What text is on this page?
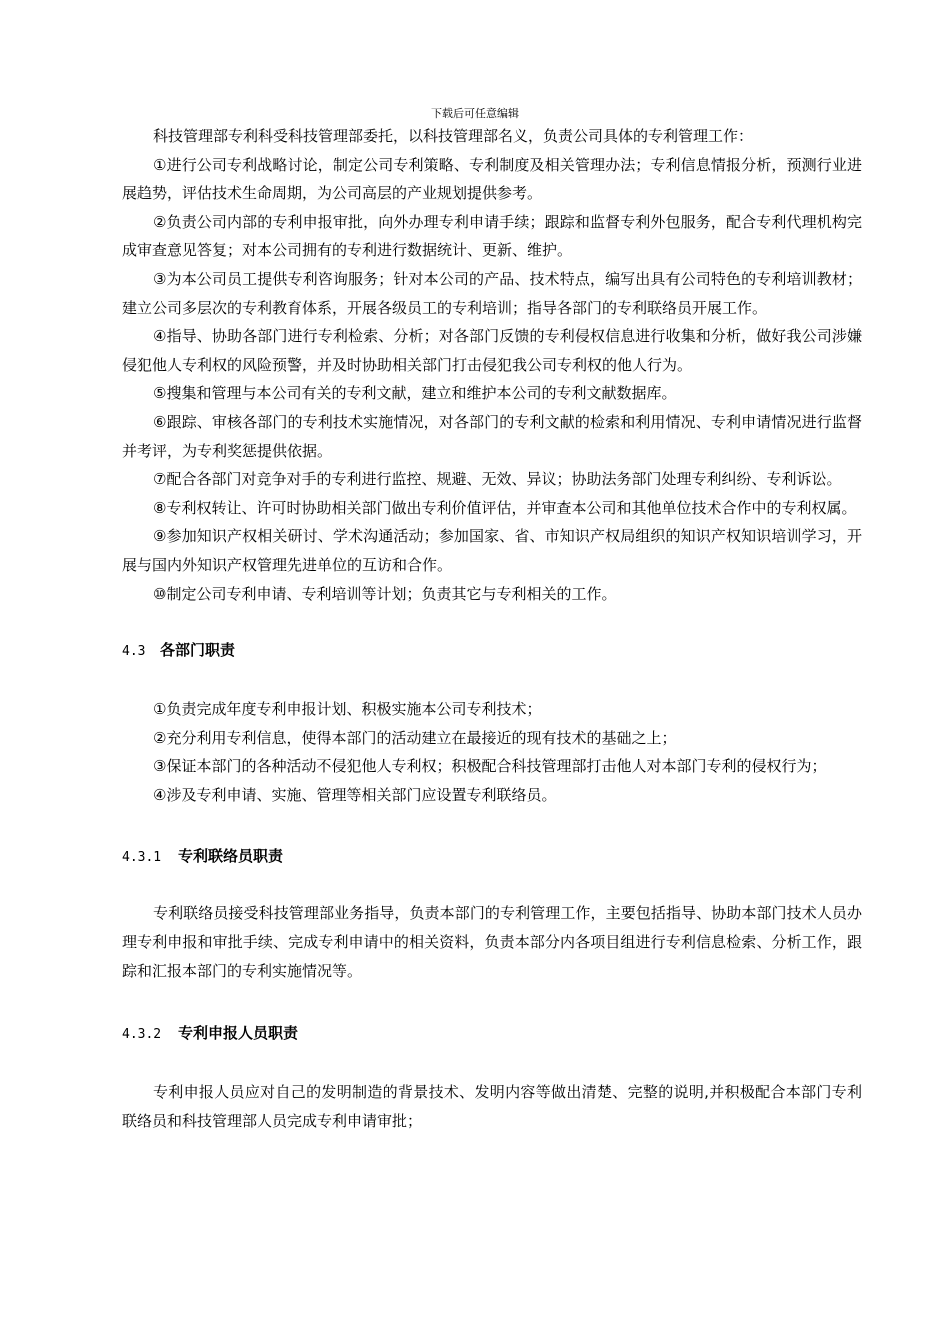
下载后可任意编辑

科技管理部专利科受科技管理部委托，以科技管理部名义，负责公司具体的专利管理工作：

①进行公司专利战略讨论，制定公司专利策略、专利制度及相关管理办法；专利信息情报分析，预测行业进展趋势，评估技术生命周期，为公司高层的产业规划提供参考。

②负责公司内部的专利申报审批，向外办理专利申请手续；跟踪和监督专利外包服务，配合专利代理机构完成审查意见答复；对本公司拥有的专利进行数据统计、更新、维护。

③为本公司员工提供专利咨询服务；针对本公司的产品、技术特点，编写出具有公司特色的专利培训教材；建立公司多层次的专利教育体系，开展各级员工的专利培训；指导各部门的专利联络员开展工作。

④指导、协助各部门进行专利检索、分析；对各部门反馈的专利侵权信息进行收集和分析，做好我公司涉嫌侵犯他人专利权的风险预警，并及时协助相关部门打击侵犯我公司专利权的他人行为。

⑤搜集和管理与本公司有关的专利文献，建立和维护本公司的专利文献数据库。

⑥跟踪、审核各部门的专利技术实施情况，对各部门的专利文献的检索和利用情况、专利申请情况进行监督并考评，为专利奖惩提供依据。

⑦配合各部门对竞争对手的专利进行监控、规避、无效、异议；协助法务部门处理专利纠纷、专利诉讼。

⑧专利权转让、许可时协助相关部门做出专利价值评估，并审查本公司和其他单位技术合作中的专利权属。

⑨参加知识产权相关研讨、学术沟通活动；参加国家、省、市知识产权局组织的知识产权知识培训学习，开展与国内外知识产权管理先进单位的互访和合作。

⑩制定公司专利申请、专利培训等计划；负责其它与专利相关的工作。

4.3 各部门职责

①负责完成年度专利申报计划、积极实施本公司专利技术；

②充分利用专利信息，使得本部门的活动建立在最接近的现有技术的基础之上；

③保证本部门的各种活动不侵犯他人专利权；积极配合科技管理部打击他人对本部门专利的侵权行为；

④涉及专利申请、实施、管理等相关部门应设置专利联络员。

4.3.1 专利联络员职责

专利联络员接受科技管理部业务指导，负责本部门的专利管理工作，主要包括指导、协助本部门技术人员办理专利申报和审批手续、完成专利申请中的相关资料，负责本部分内各项目组进行专利信息检索、分析工作，跟踪和汇报本部门的专利实施情况等。

4.3.2 专利申报人员职责

专利申报人员应对自己的发明制造的背景技术、发明内容等做出清楚、完整的说明,并积极配合本部门专利联络员和科技管理部人员完成专利申请审批；
